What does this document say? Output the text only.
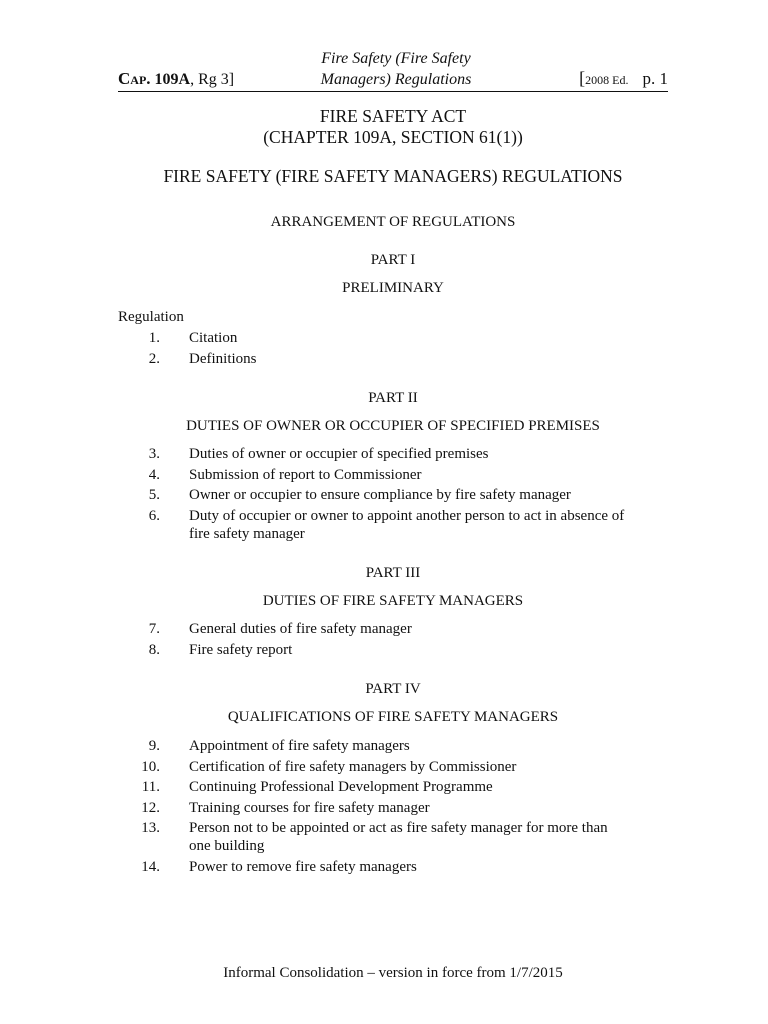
Cap. 109A, Rg 3]
Fire Safety (Fire Safety
Managers) Regulations	[2008 Ed. p. 1
FIRE SAFETY ACT
(CHAPTER 109A, SECTION 61(1))
FIRE SAFETY (FIRE SAFETY MANAGERS) REGULATIONS
ARRANGEMENT OF REGULATIONS
PART I
PRELIMINARY
Regulation
1. Citation
2. Definitions
PART II
DUTIES OF OWNER OR OCCUPIER OF SPECIFIED PREMISES
3. Duties of owner or occupier of specified premises
4. Submission of report to Commissioner
5. Owner or occupier to ensure compliance by fire safety manager
6. Duty of occupier or owner to appoint another person to act in absence of fire safety manager
PART III
DUTIES OF FIRE SAFETY MANAGERS
7. General duties of fire safety manager
8. Fire safety report
PART IV
QUALIFICATIONS OF FIRE SAFETY MANAGERS
9. Appointment of fire safety managers
10. Certification of fire safety managers by Commissioner
11. Continuing Professional Development Programme
12. Training courses for fire safety manager
13. Person not to be appointed or act as fire safety manager for more than one building
14. Power to remove fire safety managers
Informal Consolidation – version in force from 1/7/2015
